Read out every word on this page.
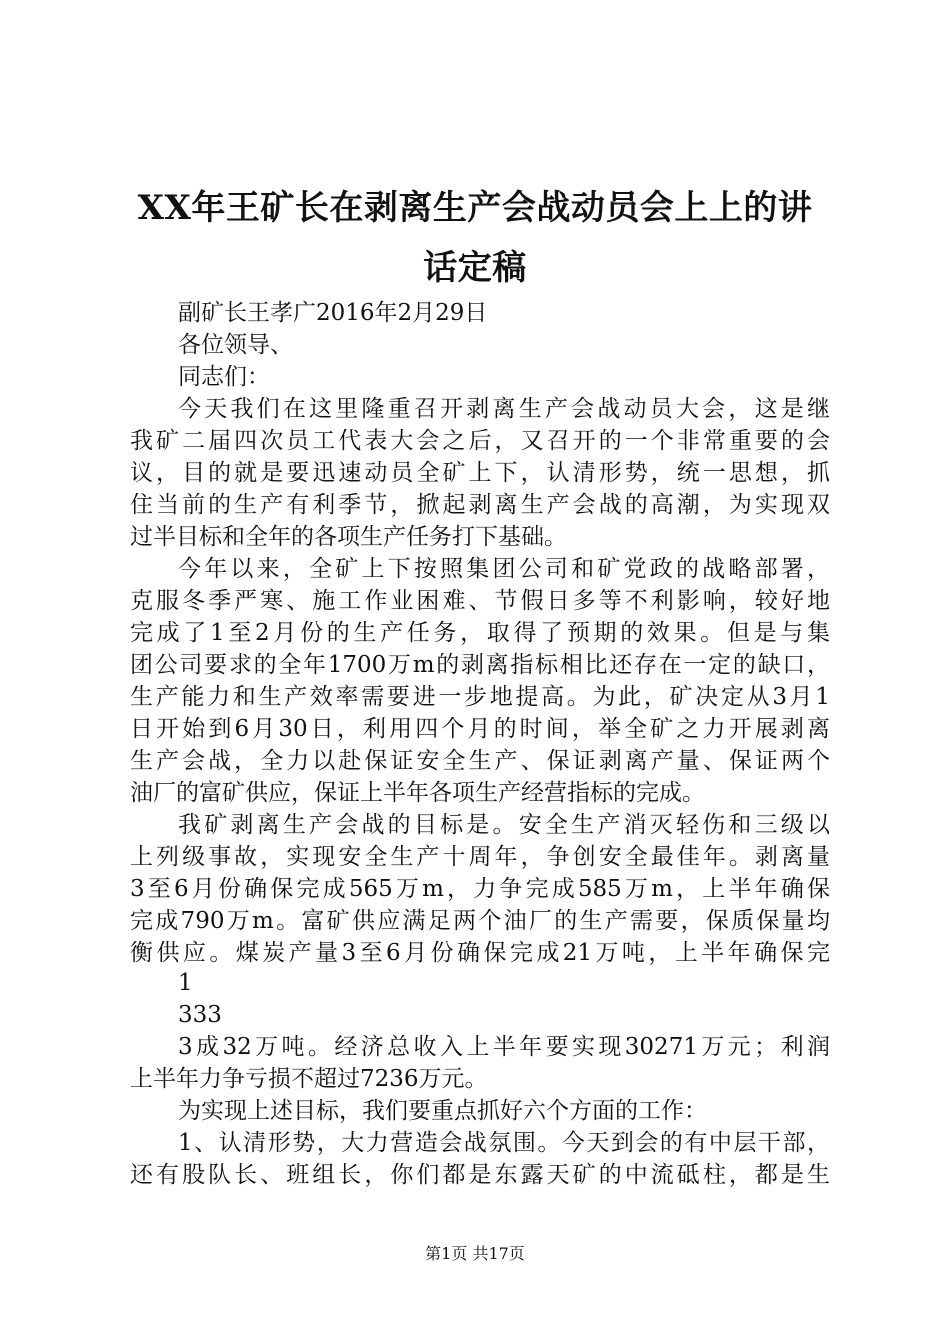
XX年王矿长在剥离生产会战动员会上上的讲
话定稿
副矿长王孝广2016年2月29日
各位领导、
同志们：
今天我们在这里隆重召开剥离生产会战动员大会，这是继
我矿二届四次员工代表大会之后，又召开的一个非常重要的会
议，目的就是要迅速动员全矿上下，认清形势，统一思想，抓
住当前的生产有利季节，掀起剥离生产会战的高潮，为实现双
过半目标和全年的各项生产任务打下基础。
今年以来，全矿上下按照集团公司和矿党政的战略部署，
克服冬季严寒、施工作业困难、节假日多等不利影响，较好地
完成了1至2月份的生产任务，取得了预期的效果。但是与集
团公司要求的全年1700万m的剥离指标相比还存在一定的缺口，
生产能力和生产效率需要进一步地提高。为此，矿决定从3月1
日开始到6月30日，利用四个月的时间，举全矿之力开展剥离
生产会战，全力以赴保证安全生产、保证剥离产量、保证两个
油厂的富矿供应，保证上半年各项生产经营指标的完成。
我矿剥离生产会战的目标是。安全生产消灭轻伤和三级以
上列级事故，实现安全生产十周年，争创安全最佳年。剥离量
3至6月份确保完成565万m，力争完成585万m，上半年确保
完成790万m。富矿供应满足两个油厂的生产需要，保质保量均
衡供应。煤炭产量3至6月份确保完成21万吨，上半年确保完
1
333
3成32万吨。经济总收入上半年要实现30271万元；利润
上半年力争亏损不超过7236万元。
为实现上述目标，我们要重点抓好六个方面的工作：
1、认清形势，大力营造会战氛围。今天到会的有中层干部，
还有股队长、班组长，你们都是东露天矿的中流砥柱，都是生
第1页 共17页
